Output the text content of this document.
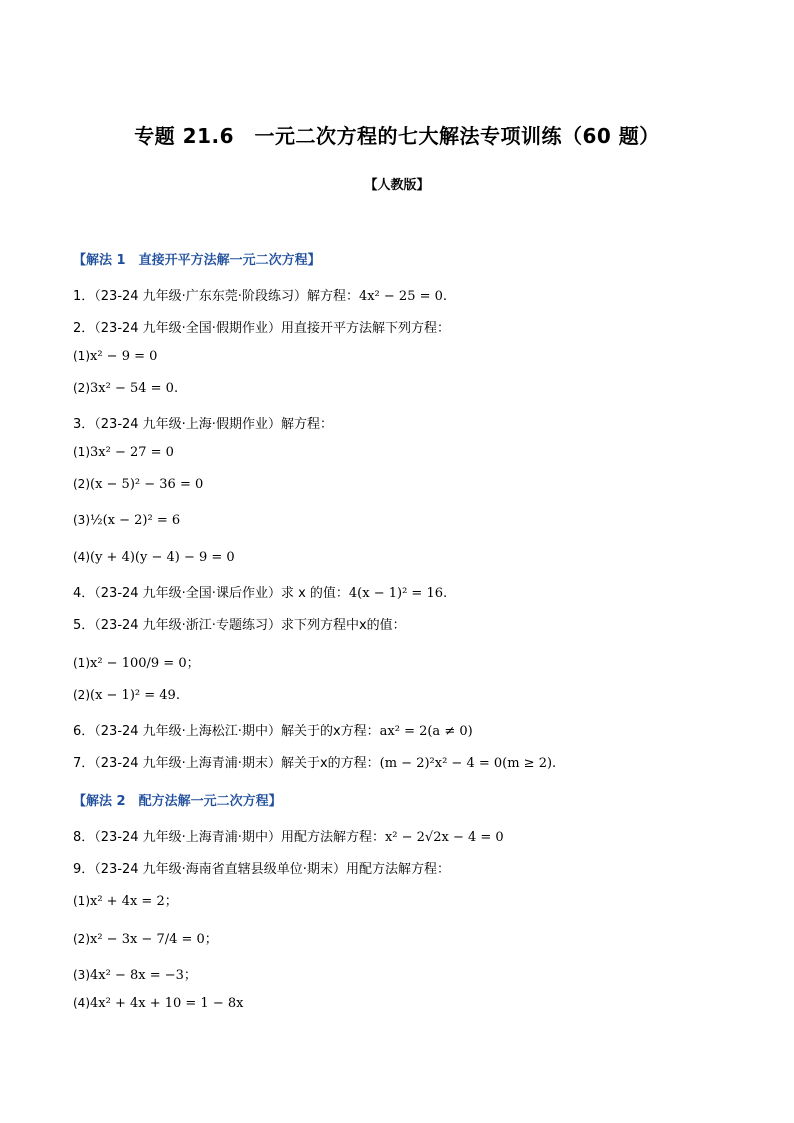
专题 21.6　一元二次方程的七大解法专项训练（60 题）
【人教版】
【解法 1　直接开平方法解一元二次方程】
1．（23-24 九年级·广东东莞·阶段练习）解方程：4x² − 25 = 0.
2．（23-24 九年级·全国·假期作业）用直接开平方法解下列方程：
(1)x² − 9 = 0
(2)3x² − 54 = 0.
3．（23-24 九年级·上海·假期作业）解方程：
(1)3x² − 27 = 0
(2)(x − 5)² − 36 = 0
(3)½(x − 2)² = 6
(4)(y + 4)(y − 4) − 9 = 0
4．（23-24 九年级·全国·课后作业）求 x 的值：4(x − 1)² = 16.
5．（23-24 九年级·浙江·专题练习）求下列方程中x的值：
(1)x² − 100/9 = 0；
(2)(x − 1)² = 49.
6．（23-24 九年级·上海松江·期中）解关于的x方程：ax² = 2(a ≠ 0)
7．（23-24 九年级·上海青浦·期末）解关于x的方程：(m − 2)²x² − 4 = 0(m ≥ 2).
【解法 2　配方法解一元二次方程】
8．（23-24 九年级·上海青浦·期中）用配方法解方程：x² − 2√2x − 4 = 0
9．（23-24 九年级·海南省直辖县级单位·期末）用配方法解方程：
(1)x² + 4x = 2；
(2)x² − 3x − 7/4 = 0；
(3)4x² − 8x = −3；
(4)4x² + 4x + 10 = 1 − 8x
